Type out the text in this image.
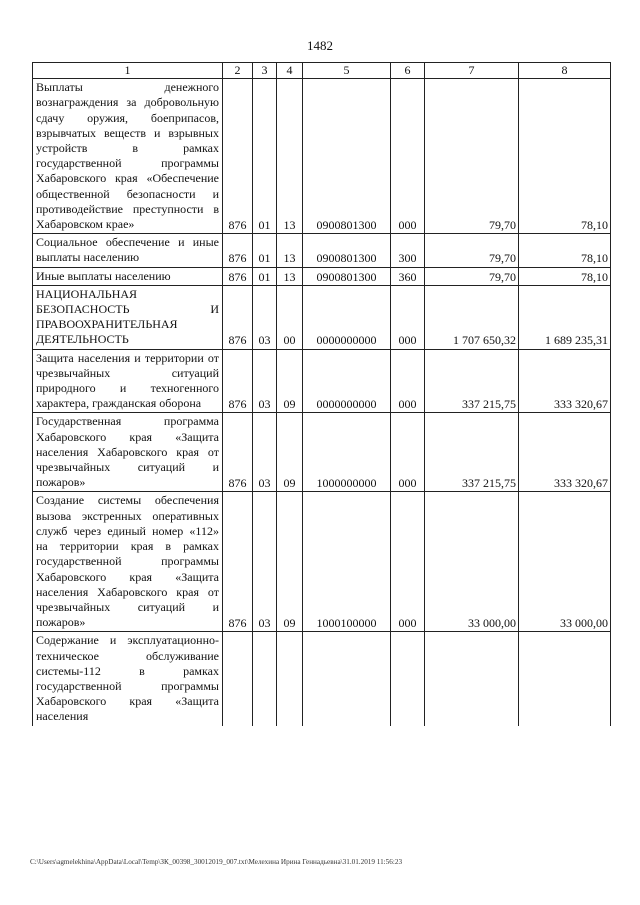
1482
1	2	3	4	5	6	7	8
Выплаты денежного вознаграждения за добровольную сдачу оружия, боеприпасов, взрывчатых веществ и взрывных устройств в рамках государственной программы Хабаровского края «Обеспечение общественной безопасности и противодействие преступности в Хабаровском крае»	876	01	13	0900801300	000	79,70	78,10
Социальное обеспечение и иные выплаты населению	876	01	13	0900801300	300	79,70	78,10
Иные выплаты населению	876	01	13	0900801300	360	79,70	78,10
НАЦИОНАЛЬНАЯ БЕЗОПАСНОСТЬ И ПРАВООХРАНИТЕЛЬНАЯ ДЕЯТЕЛЬНОСТЬ	876	03	00	0000000000	000	1 707 650,32	1 689 235,31
Защита населения и территории от чрезвычайных ситуаций природного и техногенного характера, гражданская оборона	876	03	09	0000000000	000	337 215,75	333 320,67
Государственная программа Хабаровского края «Защита населения Хабаровского края от чрезвычайных ситуаций и пожаров»	876	03	09	1000000000	000	337 215,75	333 320,67
Создание системы обеспечения вызова экстренных оперативных служб через единый номер «112» на территории края в рамках государственной программы Хабаровского края «Защита населения Хабаровского края от чрезвычайных ситуаций и пожаров»	876	03	09	1000100000	000	33 000,00	33 000,00
Содержание и эксплуатационно-техническое обслуживание системы-112 в рамках государственной программы Хабаровского края «Защита населения							
C:\Users\agmelekhina\AppData\Local\Temp\ЗК_00398_30012019_007.txt\Мелехина Ирина Геннадьевна\31.01.2019 11:56:23
